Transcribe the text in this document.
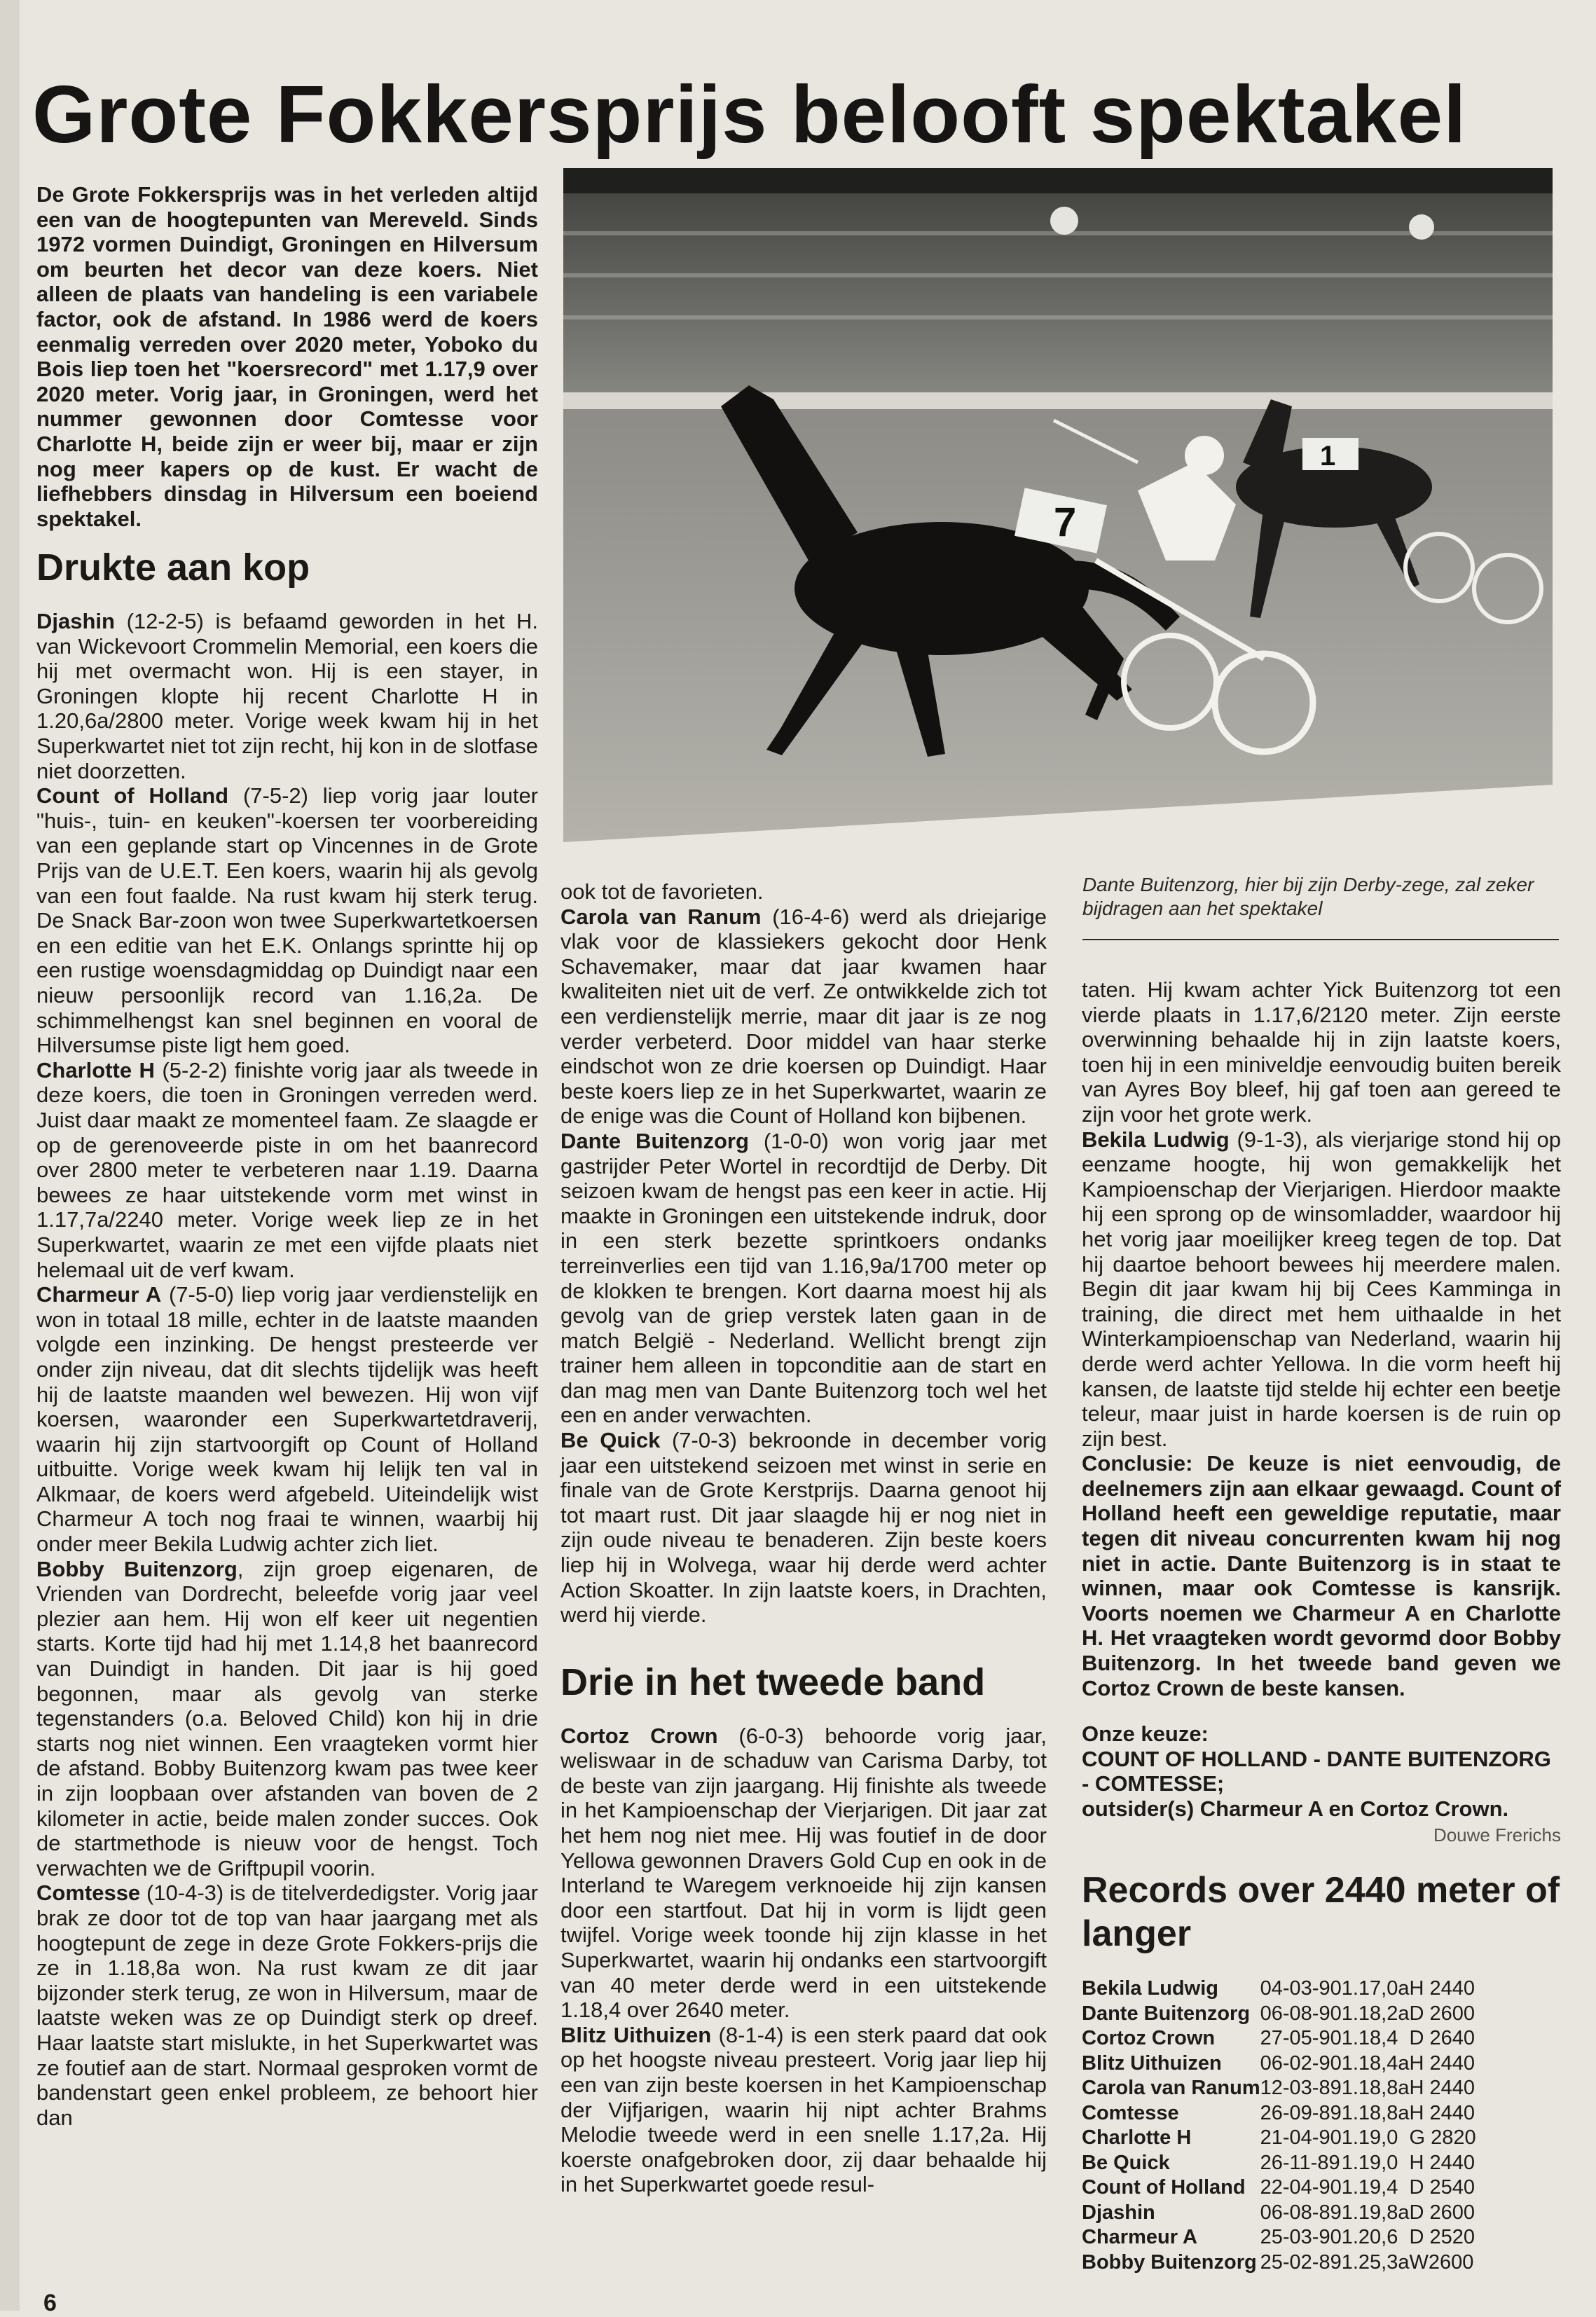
Grote Fokkersprijs belooft spektakel

De Grote Fokkersprijs was in het verleden altijd een van de hoogtepunten van Mereveld. Sinds 1972 vormen Duindigt, Groningen en Hilversum om beurten het decor van deze koers. Niet alleen de plaats van handeling is een variabele factor, ook de afstand. In 1986 werd de koers eenmalig verreden over 2020 meter, Yoboko du Bois liep toen het "koersrecord" met 1.17,9 over 2020 meter. Vorig jaar, in Groningen, werd het nummer gewonnen door Comtesse voor Charlotte H, beide zijn er weer bij, maar er zijn nog meer kapers op de kust. Er wacht de liefhebbers dinsdag in Hilversum een boeiend spektakel.

Drukte aan kop

Djashin (12-2-5) is befaamd geworden in het H. van Wickevoort Crommelin Memorial, een koers die hij met overmacht won. Hij is een stayer, in Groningen klopte hij recent Charlotte H in 1.20,6a/2800 meter. Vorige week kwam hij in het Superkwartet niet tot zijn recht, hij kon in de slotfase niet doorzetten.

Count of Holland (7-5-2) liep vorig jaar louter "huis-, tuin- en keuken"-koersen ter voorbereiding van een geplande start op Vincennes in de Grote Prijs van de U.E.T. Een koers, waarin hij als gevolg van een fout faalde. Na rust kwam hij sterk terug. De Snack Bar-zoon won twee Superkwartetkoersen en een editie van het E.K. Onlangs sprintte hij op een rustige woensdagmiddag op Duindigt naar een nieuw persoonlijk record van 1.16,2a. De schimmelhengst kan snel beginnen en vooral de Hilversumse piste ligt hem goed.

Charlotte H (5-2-2) finishte vorig jaar als tweede in deze koers, die toen in Groningen verreden werd. Juist daar maakt ze momenteel faam. Ze slaagde er op de gerenoveerde piste in om het baanrecord over 2800 meter te verbeteren naar 1.19. Daarna bewees ze haar uitstekende vorm met winst in 1.17,7a/2240 meter. Vorige week liep ze in het Superkwartet, waarin ze met een vijfde plaats niet helemaal uit de verf kwam.

Charmeur A (7-5-0) liep vorig jaar verdienstelijk en won in totaal 18 mille, echter in de laatste maanden volgde een inzinking. De hengst presteerde ver onder zijn niveau, dat dit slechts tijdelijk was heeft hij de laatste maanden wel bewezen. Hij won vijf koersen, waaronder een Superkwartetdraverij, waarin hij zijn startvoorgift op Count of Holland uitbuitte. Vorige week kwam hij lelijk ten val in Alkmaar, de koers werd afgebeld. Uiteindelijk wist Charmeur A toch nog fraai te winnen, waarbij hij onder meer Bekila Ludwig achter zich liet.

Bobby Buitenzorg, zijn groep eigenaren, de Vrienden van Dordrecht, beleefde vorig jaar veel plezier aan hem. Hij won elf keer uit negentien starts. Korte tijd had hij met 1.14,8 het baanrecord van Duindigt in handen. Dit jaar is hij goed begonnen, maar als gevolg van sterke tegenstanders (o.a. Beloved Child) kon hij in drie starts nog niet winnen. Een vraagteken vormt hier de afstand. Bobby Buitenzorg kwam pas twee keer in zijn loopbaan over afstanden van boven de 2 kilometer in actie, beide malen zonder succes. Ook de startmethode is nieuw voor de hengst. Toch verwachten we de Griftpupil voorin.

Comtesse (10-4-3) is de titelverdedigster. Vorig jaar brak ze door tot de top van haar jaargang met als hoogtepunt de zege in deze Grote Fokkers-prijs die ze in 1.18,8a won. Na rust kwam ze dit jaar bijzonder sterk terug, ze won in Hilversum, maar de laatste weken was ze op Duindigt sterk op dreef. Haar laatste start mislukte, in het Superkwartet was ze foutief aan de start. Normaal gesproken vormt de bandenstart geen enkel probleem, ze behoort hier dan

7
1

ook tot de favorieten.

Carola van Ranum (16-4-6) werd als driejarige vlak voor de klassiekers gekocht door Henk Schavemaker, maar dat jaar kwamen haar kwaliteiten niet uit de verf. Ze ontwikkelde zich tot een verdienstelijk merrie, maar dit jaar is ze nog verder verbeterd. Door middel van haar sterke eindschot won ze drie koersen op Duindigt. Haar beste koers liep ze in het Superkwartet, waarin ze de enige was die Count of Holland kon bijbenen.

Dante Buitenzorg (1-0-0) won vorig jaar met gastrijder Peter Wortel in recordtijd de Derby. Dit seizoen kwam de hengst pas een keer in actie. Hij maakte in Groningen een uitstekende indruk, door in een sterk bezette sprintkoers ondanks terreinverlies een tijd van 1.16,9a/1700 meter op de klokken te brengen. Kort daarna moest hij als gevolg van de griep verstek laten gaan in de match België - Nederland. Wellicht brengt zijn trainer hem alleen in topconditie aan de start en dan mag men van Dante Buitenzorg toch wel het een en ander verwachten.

Be Quick (7-0-3) bekroonde in december vorig jaar een uitstekend seizoen met winst in serie en finale van de Grote Kerstprijs. Daarna genoot hij tot maart rust. Dit jaar slaagde hij er nog niet in zijn oude niveau te benaderen. Zijn beste koers liep hij in Wolvega, waar hij derde werd achter Action Skoatter. In zijn laatste koers, in Drachten, werd hij vierde.

Drie in het tweede band

Cortoz Crown (6-0-3) behoorde vorig jaar, weliswaar in de schaduw van Carisma Darby, tot de beste van zijn jaargang. Hij finishte als tweede in het Kampioenschap der Vierjarigen. Dit jaar zat het hem nog niet mee. Hij was foutief in de door Yellowa gewonnen Dravers Gold Cup en ook in de Interland te Waregem verknoeide hij zijn kansen door een startfout. Dat hij in vorm is lijdt geen twijfel. Vorige week toonde hij zijn klasse in het Superkwartet, waarin hij ondanks een startvoorgift van 40 meter derde werd in een uitstekende 1.18,4 over 2640 meter.

Blitz Uithuizen (8-1-4) is een sterk paard dat ook op het hoogste niveau presteert. Vorig jaar liep hij een van zijn beste koersen in het Kampioenschap der Vijfjarigen, waarin hij nipt achter Brahms Melodie tweede werd in een snelle 1.17,2a. Hij koerste onafgebroken door, zij daar behaalde hij in het Superkwartet goede resul-

Dante Buitenzorg, hier bij zijn Derby-zege, zal zeker bijdragen aan het spektakel

taten. Hij kwam achter Yick Buitenzorg tot een vierde plaats in 1.17,6/2120 meter. Zijn eerste overwinning behaalde hij in zijn laatste koers, toen hij in een miniveldje eenvoudig buiten bereik van Ayres Boy bleef, hij gaf toen aan gereed te zijn voor het grote werk.

Bekila Ludwig (9-1-3), als vierjarige stond hij op eenzame hoogte, hij won gemakkelijk het Kampioenschap der Vierjarigen. Hierdoor maakte hij een sprong op de winsomladder, waardoor hij het vorig jaar moeilijker kreeg tegen de top. Dat hij daartoe behoort bewees hij meerdere malen. Begin dit jaar kwam hij bij Cees Kamminga in training, die direct met hem uithaalde in het Winterkampioenschap van Nederland, waarin hij derde werd achter Yellowa. In die vorm heeft hij kansen, de laatste tijd stelde hij echter een beetje teleur, maar juist in harde koersen is de ruin op zijn best.

Conclusie: De keuze is niet eenvoudig, de deelnemers zijn aan elkaar gewaagd. Count of Holland heeft een geweldige reputatie, maar tegen dit niveau concurrenten kwam hij nog niet in actie. Dante Buitenzorg is in staat te winnen, maar ook Comtesse is kansrijk. Voorts noemen we Charmeur A en Charlotte H. Het vraagteken wordt gevormd door Bobby Buitenzorg. In het tweede band geven we Cortoz Crown de beste kansen.

Onze keuze:
COUNT OF HOLLAND - DANTE BUITENZORG - COMTESSE;
outsider(s) Charmeur A en Cortoz Crown.

Douwe Frerichs

Records over 2440 meter of langer
Bekila Ludwig	04-03-90	1.17,0a	H 2440
Dante Buitenzorg	06-08-90	1.18,2a	D 2600
Cortoz Crown	27-05-90	1.18,4	D 2640
Blitz Uithuizen	06-02-90	1.18,4a	H 2440
Carola van Ranum	12-03-89	1.18,8a	H 2440
Comtesse	26-09-89	1.18,8a	H 2440
Charlotte H	21-04-90	1.19,0	G 2820
Be Quick	26-11-89	1.19,0	H 2440
Count of Holland	22-04-90	1.19,4	D 2540
Djashin	06-08-89	1.19,8a	D 2600
Charmeur A	25-03-90	1.20,6	D 2520
Bobby Buitenzorg	25-02-89	1.25,3a	W2600
6
